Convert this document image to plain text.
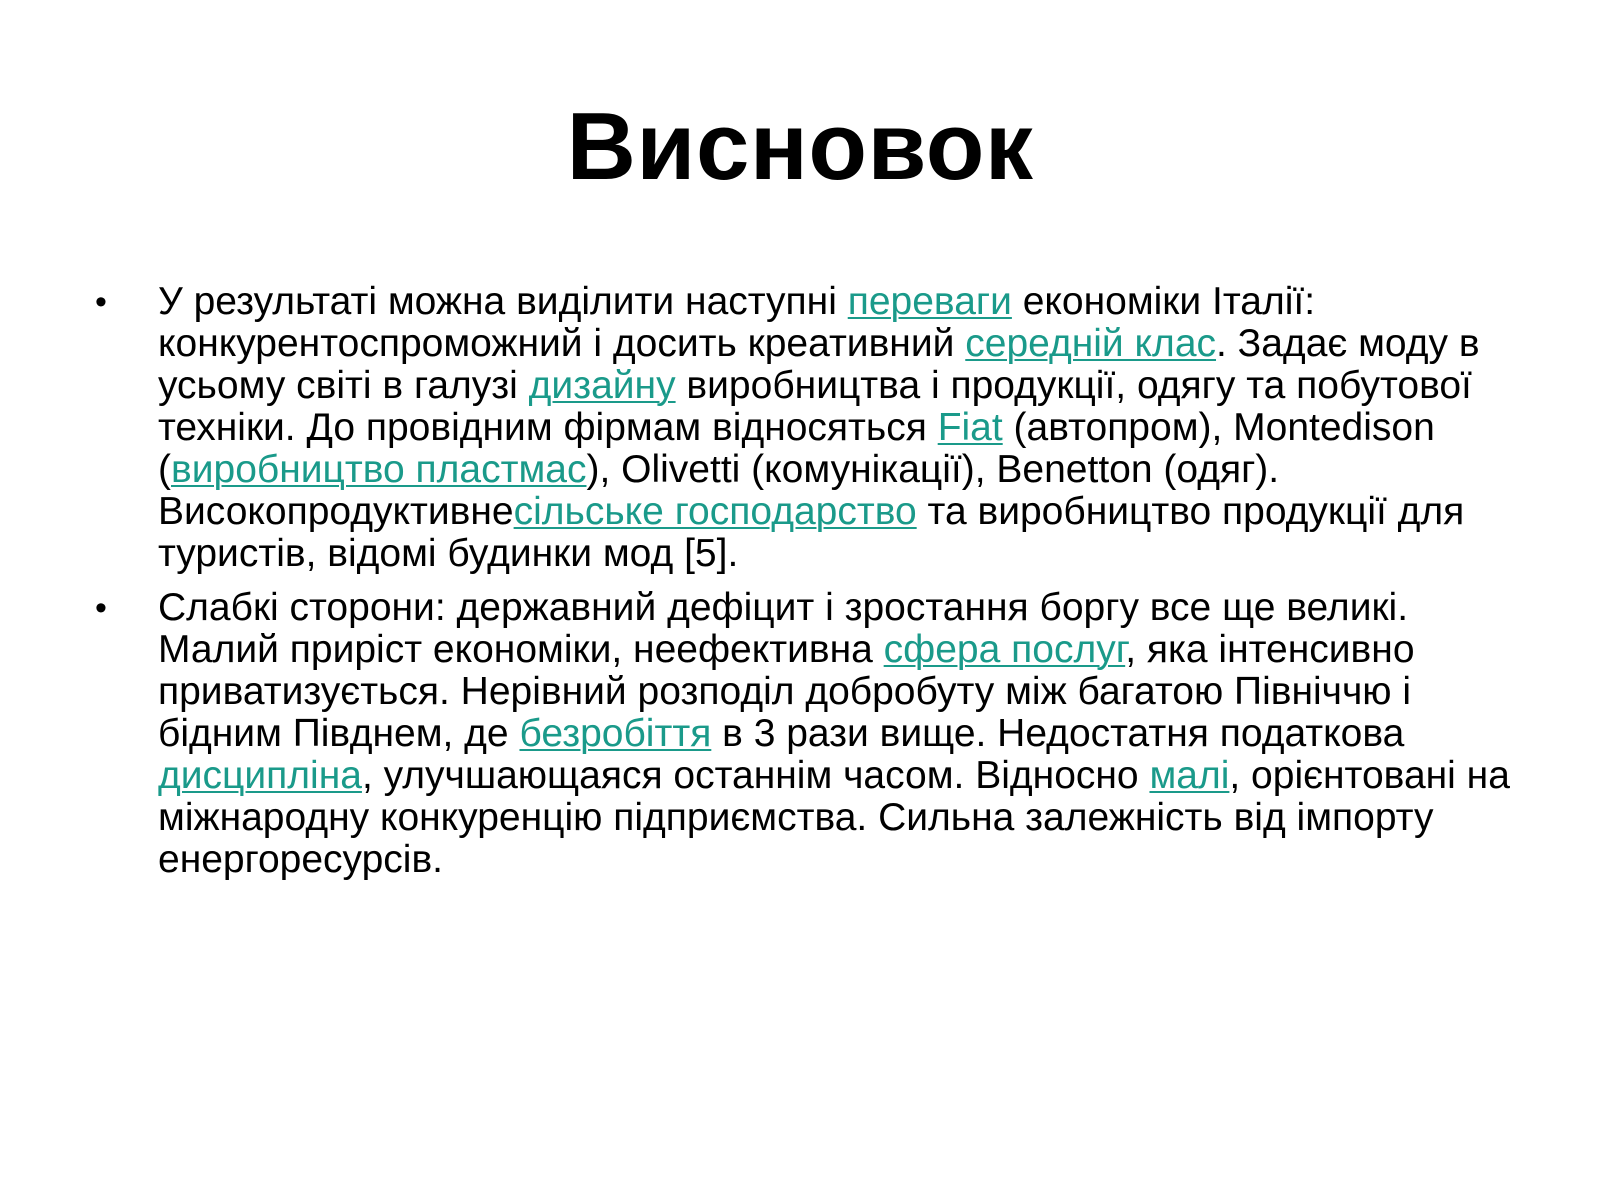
Висновок
•	У результаті можна виділити наступні переваги економіки Італії: конкурентоспроможний і досить креативний середній клас. Задає моду в усьому світі в галузі дизайну виробництва і продукції, одягу та побутової техніки. До провідним фірмам відносяться Fiat (автопром), Montedison (виробництво пластмас), Olivetti (комунікації), Benetton (одяг). Високопродуктивнесільське господарство та виробництво продукції для туристів, відомі будинки мод [5].
•	Слабкі сторони: державний дефіцит і зростання боргу все ще великі. Малий приріст економіки, неефективна сфера послуг, яка інтенсивно приватизується. Нерівний розподіл добробуту між багатою Північчю і бідним Півднем, де безробіття в 3 рази вище. Недостатня податкова дисципліна, улучшающаяся останнім часом. Відносно малі, орієнтовані на міжнародну конкуренцію підприємства. Сильна залежність від імпорту енергоресурсів.
